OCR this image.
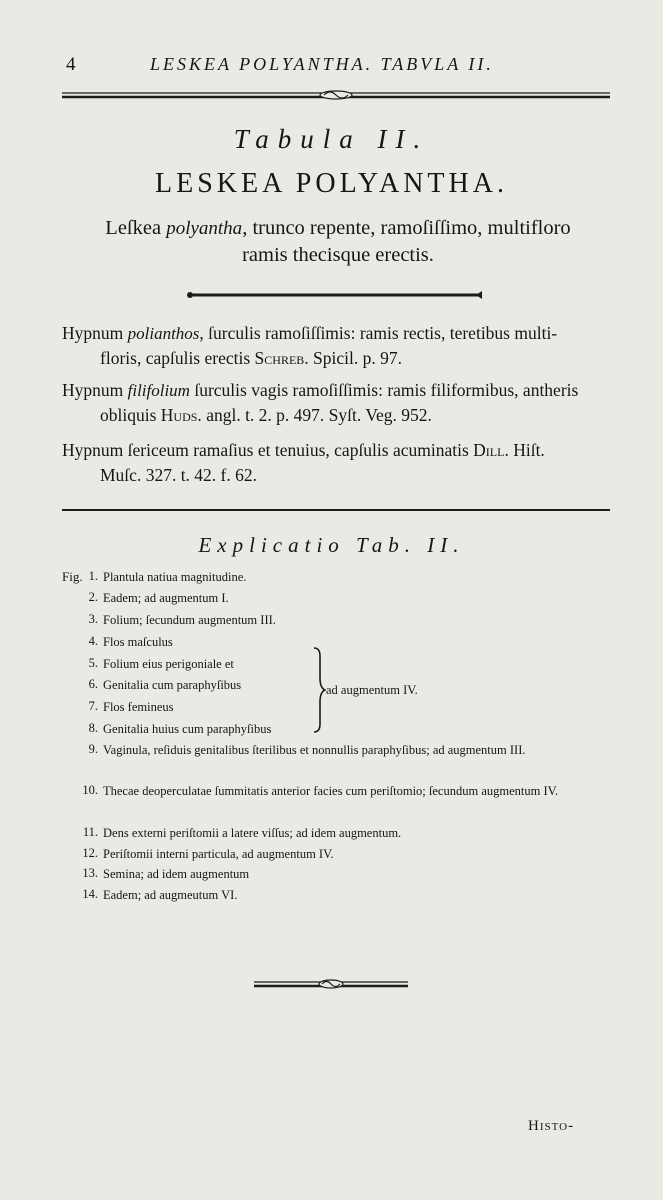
4	LESKEA POLYANTHA. TABVLA II.
Tabula II.
LESKEA POLYANTHA.
Leſkea polyantha, trunco repente, ramoſiſſimo, multifloro
ramis thecisque erectis.
Hypnum polianthos, ſurculis ramoſiſſimis: ramis rectis, teretibus multi-
floris, capſulis erectis Schreb. Spicil. p. 97.
Hypnum filifolium ſurculis vagis ramoſiſſimis: ramis filiformibus, antheris
obliquis Huds. angl. t. 2. p. 497. Syſt. Veg. 952.
Hypnum ſericeum ramaſius et tenuius, capſulis acuminatis Dill. Hiſt.
Muſc. 327. t. 42. f. 62.
Explicatio Tab. II.
Fig. 1. Plantula natiua magnitudine.
2. Eadem; ad augmentum I.
3. Folium; ſecundum augmentum III.
4. Flos maſculus
5. Folium eius perigoniale et
6. Genitalia cum paraphyſibus
7. Flos femineus
8. Genitalia huius cum paraphyſibus
9. Vaginula, reſiduis genitalibus ſterilibus et nonnullis paraphyſibus; ad augmentum III.
10. Thecae deoperculatae ſummitatis anterior facies cum periſtomio; ſecundum augmentum IV.
11. Dens externi periſtomii a latere viſſus; ad idem augmentum.
12. Periſtomii interni particula, ad augmentum IV.
13. Semina; ad idem augmentum
14. Eadem; ad augmeutum VI.
ad augmentum IV.
Histo-
